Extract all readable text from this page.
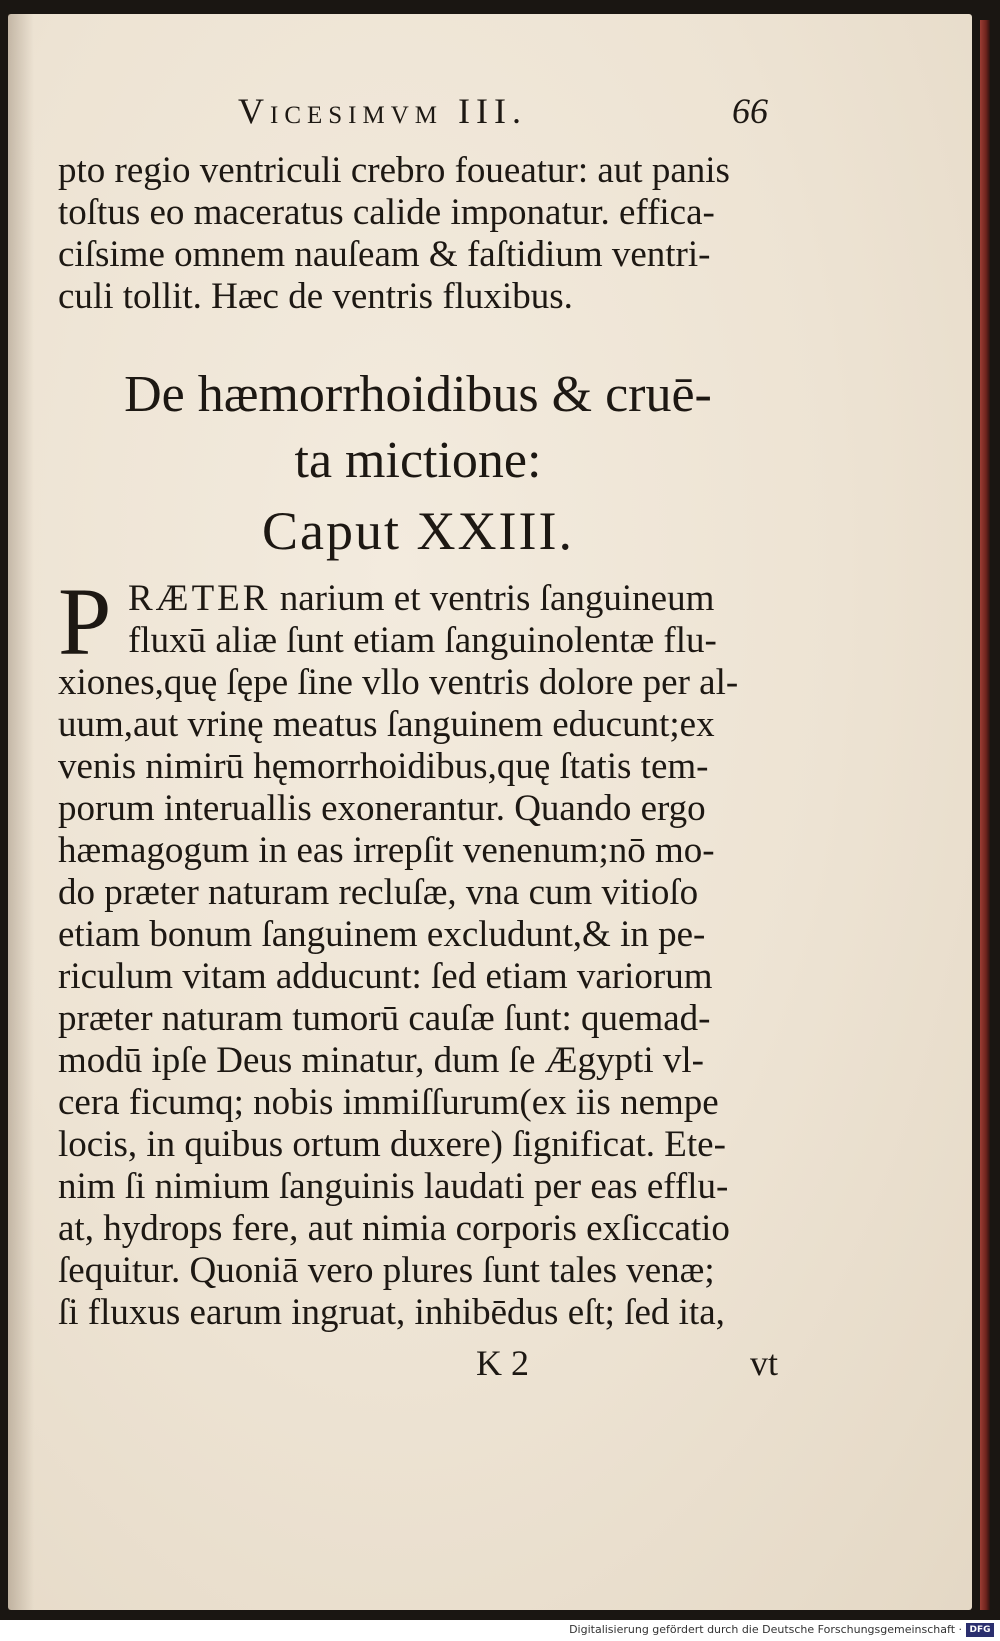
Vicesimvm III.	66
pto regio ventriculi crebro foueatur: aut panis
toſtus eo maceratus calide imponatur. effica-
ciſsime omnem nauſeam & faſtidium ventri-
culi tollit. Hæc de ventris fluxibus.
De hæmorrhoidibus & cruē-
ta mictione:
Caput XXIII.
P RÆTER narium et ventris ſanguineum
fluxū aliæ ſunt etiam ſanguinolentæ flu-
xiones,quę ſępe ſine vllo ventris dolore per al-
uum,aut vrinę meatus ſanguinem educunt;ex
venis nimirū hęmorrhoidibus,quę ſtatis tem-
porum interuallis exonerantur. Quando ergo
hæmagogum in eas irrepſit venenum;nō mo-
do præter naturam recluſæ, vna cum vitioſo
etiam bonum ſanguinem excludunt,& in pe-
riculum vitam adducunt: ſed etiam variorum
præter naturam tumorū cauſæ ſunt: quemad-
modū ipſe Deus minatur, dum ſe Ægypti vl-
cera ficumq; nobis immiſſurum(ex iis nempe
locis, in quibus ortum duxere) ſignificat. Ete-
nim ſi nimium ſanguinis laudati per eas efflu-
at, hydrops fere, aut nimia corporis exſiccatio
ſequitur. Quoniā vero plures ſunt tales venæ;
ſi fluxus earum ingruat, inhibēdus eſt; ſed ita,
K 2	vt
Digitalisierung gefördert durch die Deutsche Forschungsgemeinschaft · DFG
